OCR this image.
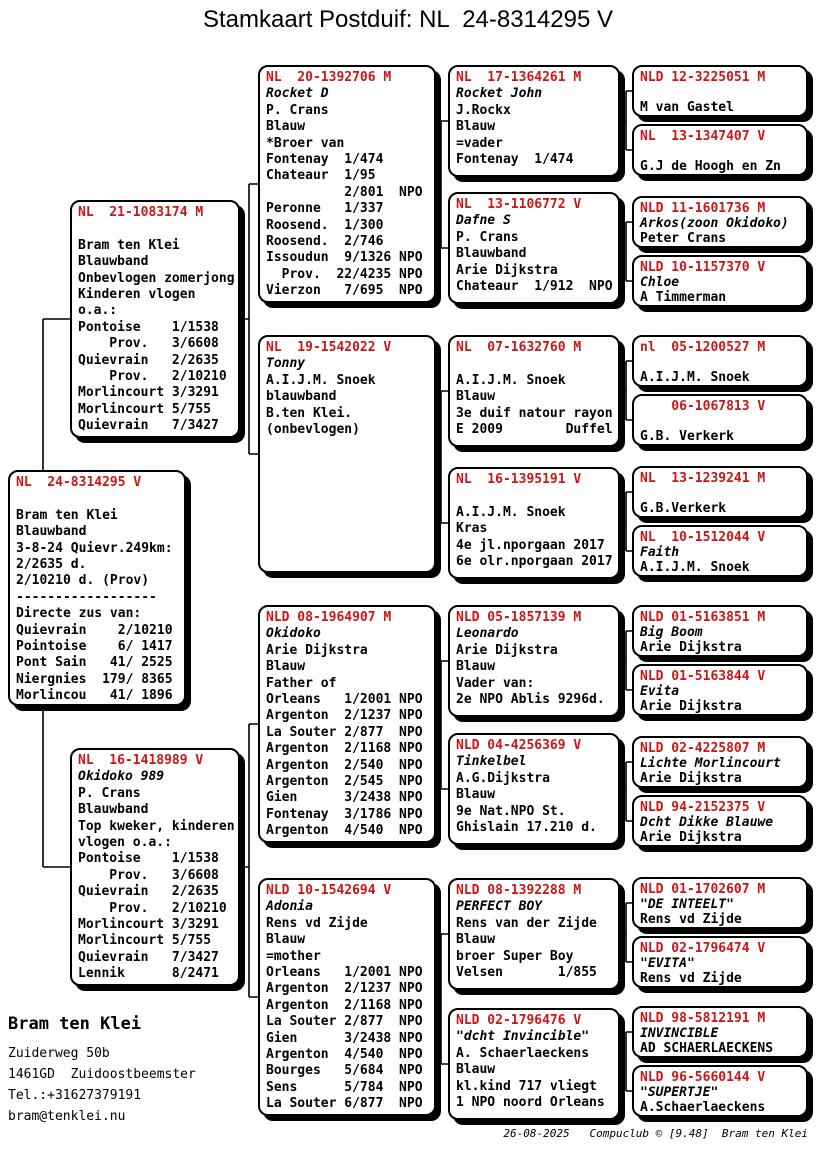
Stamkaart Postduif: NL  24-8314295 V
NL  24-8314295 V

Bram ten Klei
Blauwband
3-8-24 Quievr.249km:
2/2635 d.
2/10210 d. (Prov)
------------------
Directe zus van:
Quievrain    2/10210
Pointoise    6/ 1417
Pont Sain   41/ 2525
Niergnies  179/ 8365
Morlincou   41/ 1896
NL  21-1083174 M

Bram ten Klei
Blauwband
Onbevlogen zomerjong
Kinderen vlogen
o.a.:
Pontoise    1/1538
Prov.   3/6608
Quievrain   2/2635
Prov.   2/10210
Morlincourt 3/3291
Morlincourt 5/755
Quievrain   7/3427
NL  16-1418989 V
Okidoko 989
P. Crans
Blauwband
Top kweker, kinderen
vlogen o.a.:
Pontoise    1/1538
Prov.   3/6608
Quievrain   2/2635
Prov.   2/10210
Morlincourt 3/3291
Morlincourt 5/755
Quievrain   7/3427
Lennik      8/2471
NL  20-1392706 M
Rocket D
P. Crans
Blauw
*Broer van
Fontenay  1/474
Chateaur  1/95
2/801  NPO
Peronne   1/337
Roosend.  1/300
Roosend.  2/746
Issoudun  9/1326 NPO
Prov.  22/4235 NPO
Vierzon   7/695  NPO
NL  19-1542022 V
Tonny
A.I.J.M. Snoek
blauwband
B.ten Klei.
(onbevlogen)
NLD 08-1964907 M
Okidoko
Arie Dijkstra
Blauw
Father of
Orleans   1/2001 NPO
Argenton  2/1237 NPO
La Souter 2/877  NPO
Argenton  2/1168 NPO
Argenton  2/540  NPO
Argenton  2/545  NPO
Gien      3/2438 NPO
Fontenay  3/1786 NPO
Argenton  4/540  NPO
NLD 10-1542694 V
Adonia
Rens vd Zijde
Blauw
=mother
Orleans   1/2001 NPO
Argenton  2/1237 NPO
Argenton  2/1168 NPO
La Souter 2/877  NPO
Gien      3/2438 NPO
Argenton  4/540  NPO
Bourges   5/684  NPO
Sens      5/784  NPO
La Souter 6/877  NPO
NL  17-1364261 M
Rocket John
J.Rockx
Blauw
=vader
Fontenay  1/474
NL  13-1106772 V
Dafne S
P. Crans
Blauwband
Arie Dijkstra
Chateaur  1/912  NPO
NL  07-1632760 M

A.I.J.M. Snoek
Blauw
3e duif natour rayon
E 2009        Duffel
NL  16-1395191 V

A.I.J.M. Snoek
Kras
4e jl.nporgaan 2017
6e olr.nporgaan 2017
NLD 05-1857139 M
Leonardo
Arie Dijkstra
Blauw
Vader van:
2e NPO Ablis 9296d.
NLD 04-4256369 V
Tinkelbel
A.G.Dijkstra
Blauw
9e Nat.NPO St.
Ghislain 17.210 d.
NLD 08-1392288 M
PERFECT BOY
Rens van der Zijde
Blauw
broer Super Boy
Velsen       1/855
NLD 02-1796476 V
"dcht Invincible"
A. Schaerlaeckens
Blauw
kl.kind 717 vliegt
1 NPO noord Orleans
NLD 12-3225051 M

M van Gastel
NL  13-1347407 V

G.J de Hoogh en Zn
NLD 11-1601736 M
Arkos(zoon Okidoko)
Peter Crans
NLD 10-1157370 V
Chloe
A Timmerman
nl  05-1200527 M

A.I.J.M. Snoek
06-1067813 V

G.B. Verkerk
NL  13-1239241 M

G.B.Verkerk
NL  10-1512044 V
Faith
A.I.J.M. Snoek
NLD 01-5163851 M
Big Boom
Arie Dijkstra
NLD 01-5163844 V
Evita
Arie Dijkstra
NLD 02-4225807 M
Lichte Morlincourt
Arie Dijkstra
NLD 94-2152375 V
Dcht Dikke Blauwe
Arie Dijkstra
NLD 01-1702607 M
"DE INTEELT"
Rens vd Zijde
NLD 02-1796474 V
"EVITA"
Rens vd Zijde
NLD 98-5812191 M
INVINCIBLE
AD SCHAERLAECKENS
NLD 96-5660144 V
"SUPERTJE"
A.Schaerlaeckens
Bram ten Klei
Zuiderweg 50b
1461GD  Zuidoostbeemster
Tel.:+31627379191
bram@tenklei.nu
26-08-2025   Compuclub © [9.48]  Bram ten Klei
